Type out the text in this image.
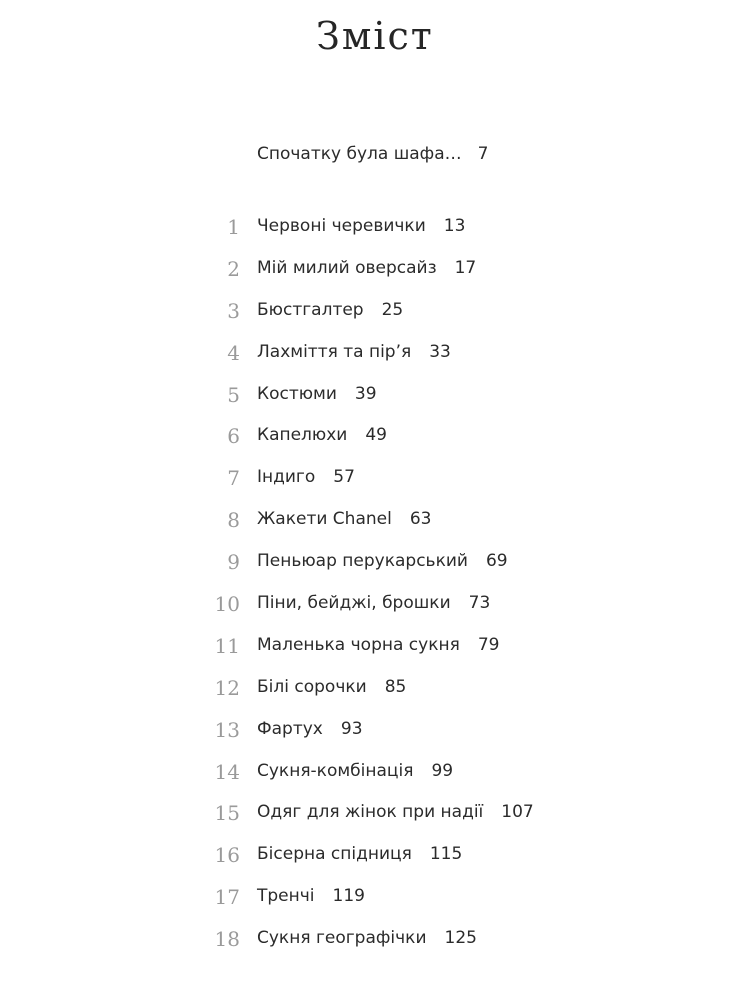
Зміст
Спочатку була шафа… 7
1 Червоні черевички 13
2 Мій милий оверсайз 17
3 Бюстгалтер 25
4 Лахміття та пір’я 33
5 Костюми 39
6 Капелюхи 49
7 Індиго 57
8 Жакети Chanel 63
9 Пеньюар перукарський 69
10 Піни, бейджі, брошки 73
11 Маленька чорна сукня 79
12 Білі сорочки 85
13 Фартух 93
14 Сукня-комбінація 99
15 Одяг для жінок при надії 107
16 Бісерна спідниця 115
17 Тренчі 119
18 Сукня географічки 125
